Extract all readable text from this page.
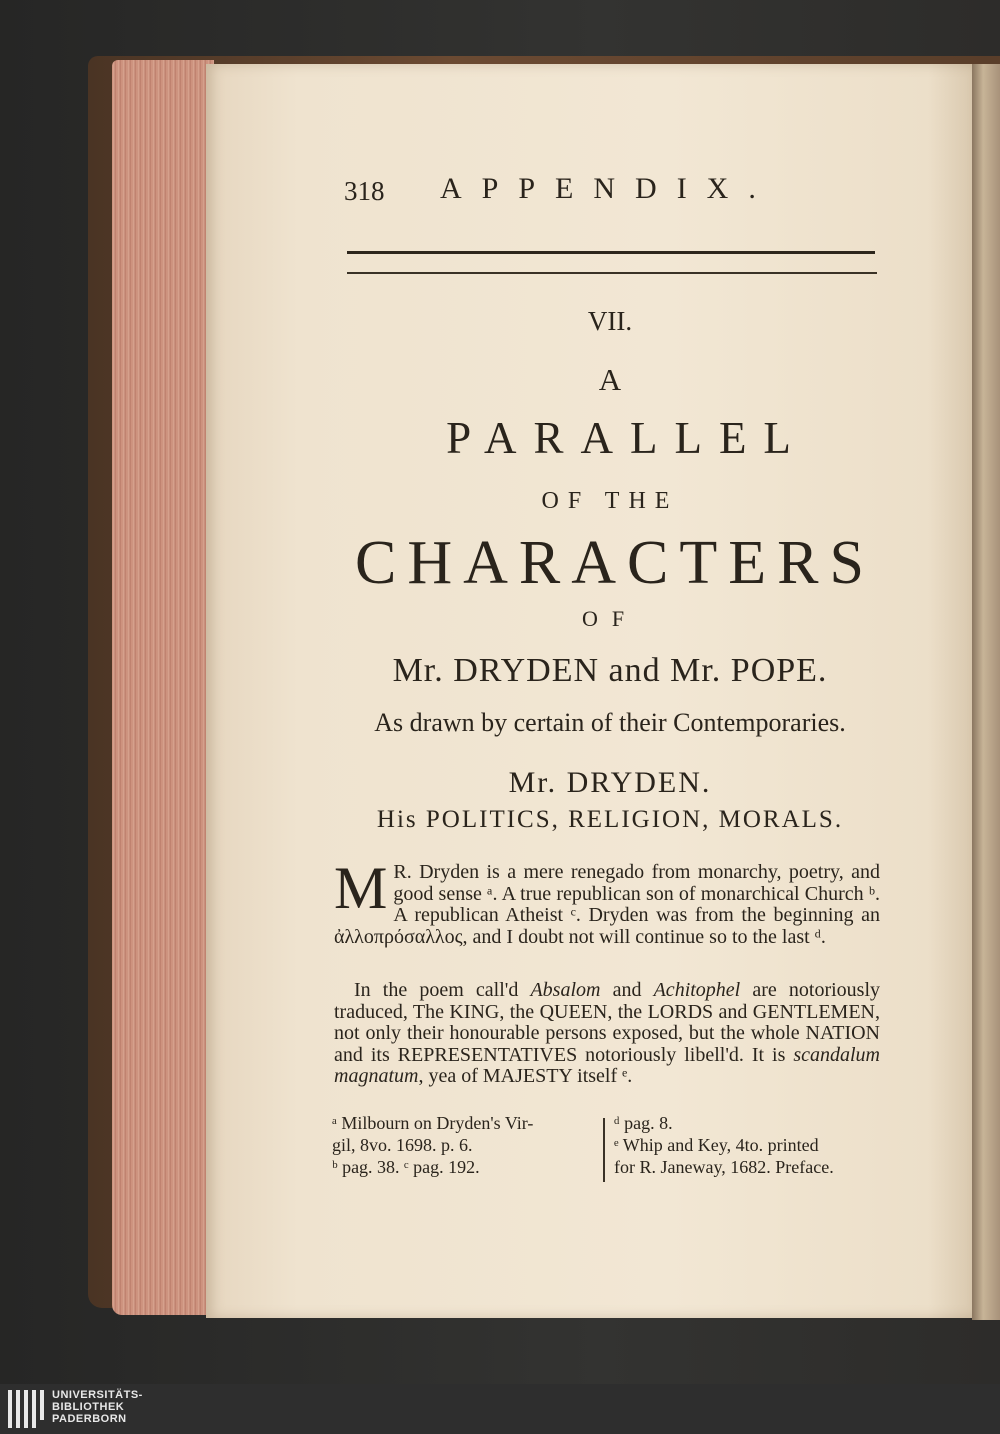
318 APPENDIX.
VII.
A
PARALLEL
OF THE
CHARACTERS
OF
Mr. DRYDEN and Mr. POPE.
As drawn by certain of their Contemporaries.
Mr. DRYDEN.
His POLITICS, RELIGION, MORALS.
M R. Dryden is a mere renegado from monarchy, poetry, and good sense ᵃ. A true republican son of monarchical Church ᵇ. A republican Atheist ᶜ. Dryden was from the beginning an ἀλλοπρόσαλλος, and I doubt not will continue so to the last ᵈ.
In the poem call'd Absalom and Achitophel are notoriously traduced, The KING, the QUEEN, the LORDS and GENTLEMEN, not only their honourable persons exposed, but the whole NATION and its REPRESENTATIVES notoriously libell'd. It is scandalum magnatum, yea of MAJESTY itself ᵉ.
ᵃ Milbourn on Dryden's Vir-
gil, 8vo. 1698. p. 6.
ᵇ pag. 38. ᶜ pag. 192.
ᵈ pag. 8.
ᵉ Whip and Key, 4to. printed
for R. Janeway, 1682. Preface.
UNIVERSITÄTS-
BIBLIOTHEK
PADERBORN
